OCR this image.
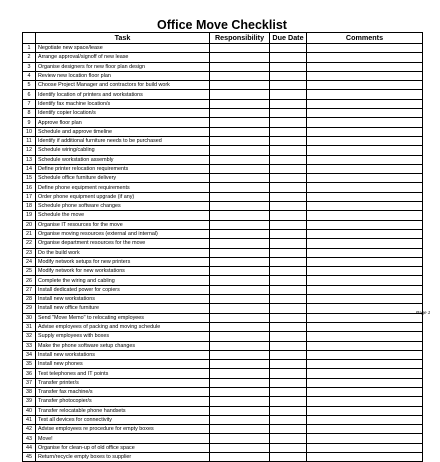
Office Move Checklist
	Task	Responsibility	Due Date	Comments
1	Negotiate new space/lease			
2	Arrange approval/signoff of new lease			
3	Organise designers for new floor plan design			
4	Review new location floor plan			
5	Choose Project Manager and contractors for build work			
6	Identify location of printers and workstations			
7	Identify fax machine location/s			
8	Identify copier location/s			
9	Approve floor plan			
10	Schedule and approve timeline			
11	Identify if additional furniture needs to be purchased			
12	Schedule wiring/cabling			
13	Schedule workstation assembly			
14	Define printer relocation requirements			
15	Schedule office furniture delivery			
16	Define phone equipment requirements			
17	Order phone equipment upgrade (if any)			
18	Schedule phone software changes			
19	Schedule the move			
20	Organise IT resources for the move			
21	Organise moving resources (external and internal)			
22	Organise department resources for the move			
23	Do the build work			
24	Modify network setups for new printers			
25	Modify network for new workstations			
26	Complete the wiring and cabling			
27	Install dedicated power for copiers			
28	Install new workstations			
29	Install new office furniture			
30	Send "Move Memo" to relocating employees			
31	Advise employees of packing and moving schedule			
32	Supply employees with boxes			
33	Make the phone software setup changes			
34	Install new workstations			
35	Install new phones			
36	Test telephones and IT points			
37	Transfer printer/s			
38	Transfer fax machine/s			
39	Transfer photocopier/s			
40	Transfer relocatable phone handsets			
41	Test all devices for connectivity			
42	Advise employees re procedure for empty boxes			
43	Move!			
44	Organise for clean-up of old office space			
45	Return/recycle empty boxes to supplier			
Page 1
